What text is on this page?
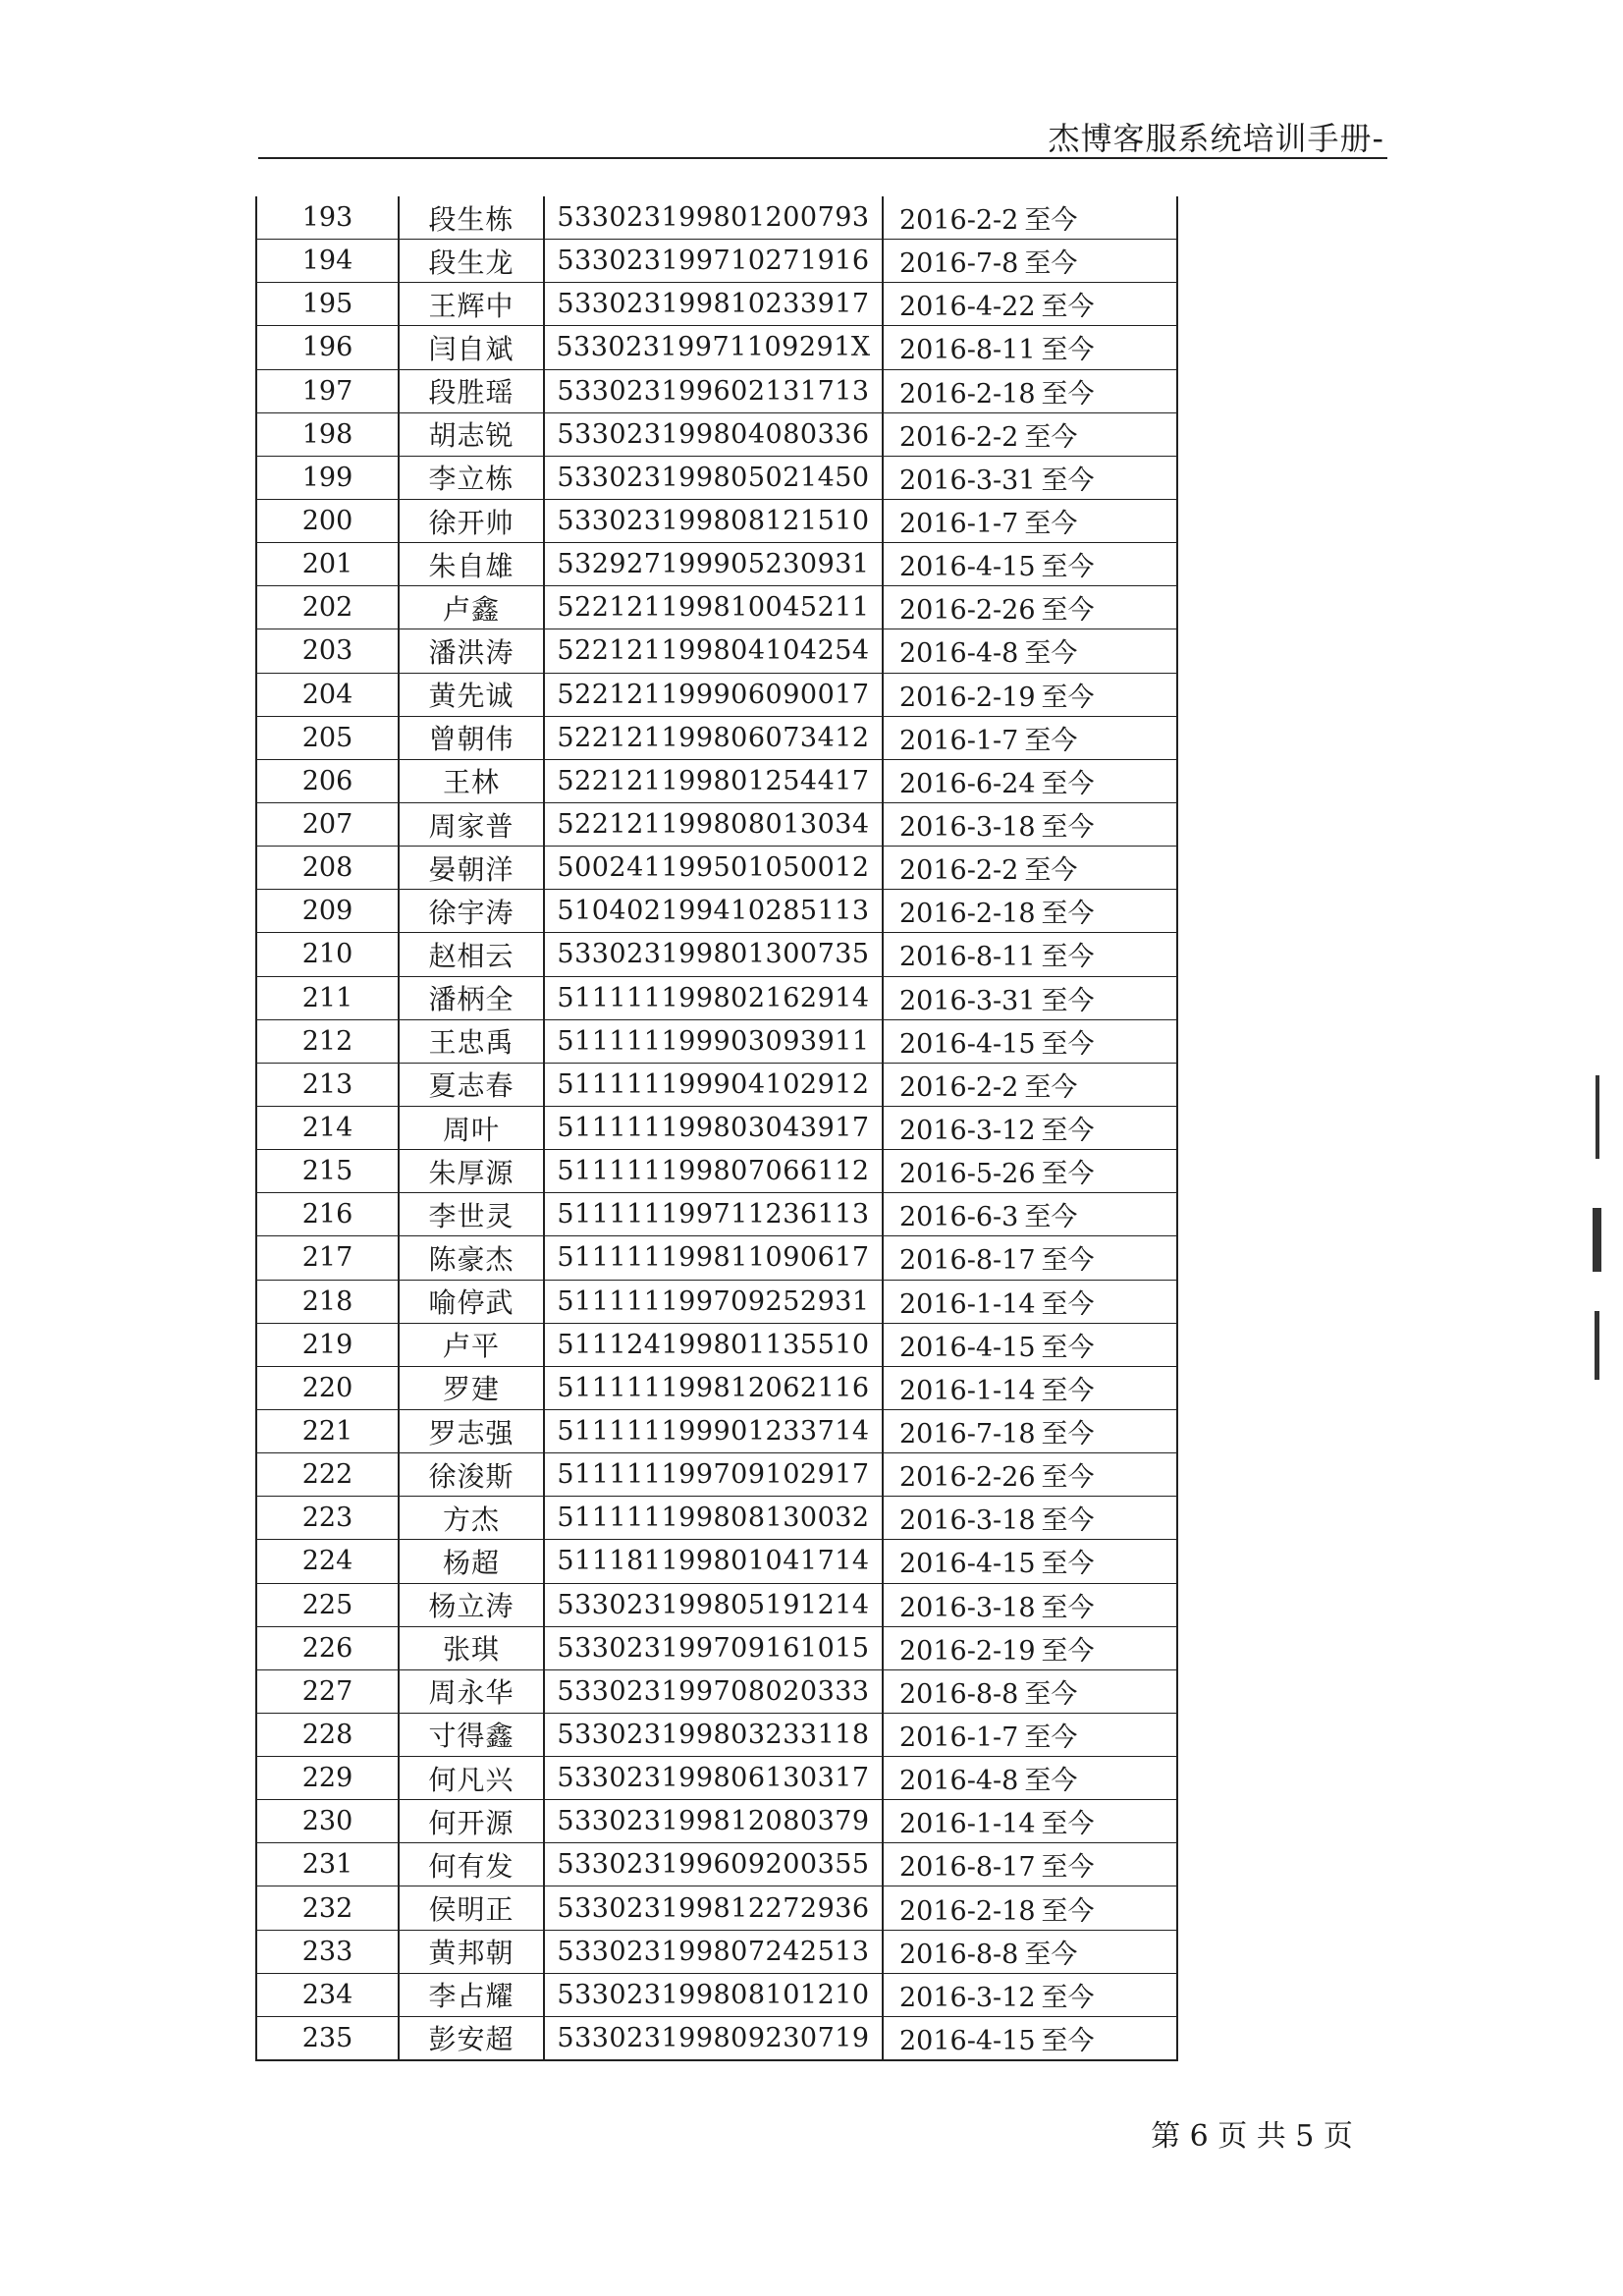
杰博客服系统培训手册-
193	段生栋	533023199801200793	2016-2-2 至今
194	段生龙	533023199710271916	2016-7-8 至今
195	王辉中	533023199810233917	2016-4-22 至今
196	闫自斌	53302319971109291X	2016-8-11 至今
197	段胜瑶	533023199602131713	2016-2-18 至今
198	胡志锐	533023199804080336	2016-2-2 至今
199	李立栋	533023199805021450	2016-3-31 至今
200	徐开帅	533023199808121510	2016-1-7 至今
201	朱自雄	532927199905230931	2016-4-15 至今
202	卢鑫	522121199810045211	2016-2-26 至今
203	潘洪涛	522121199804104254	2016-4-8 至今
204	黄先诚	522121199906090017	2016-2-19 至今
205	曾朝伟	522121199806073412	2016-1-7 至今
206	王林	522121199801254417	2016-6-24 至今
207	周家普	522121199808013034	2016-3-18 至今
208	晏朝洋	500241199501050012	2016-2-2 至今
209	徐宇涛	510402199410285113	2016-2-18 至今
210	赵相云	533023199801300735	2016-8-11 至今
211	潘柄全	511111199802162914	2016-3-31 至今
212	王忠禹	511111199903093911	2016-4-15 至今
213	夏志春	511111199904102912	2016-2-2 至今
214	周叶	511111199803043917	2016-3-12 至今
215	朱厚源	511111199807066112	2016-5-26 至今
216	李世灵	511111199711236113	2016-6-3 至今
217	陈豪杰	511111199811090617	2016-8-17 至今
218	喻停武	511111199709252931	2016-1-14 至今
219	卢平	511124199801135510	2016-4-15 至今
220	罗建	511111199812062116	2016-1-14 至今
221	罗志强	511111199901233714	2016-7-18 至今
222	徐浚斯	511111199709102917	2016-2-26 至今
223	方杰	511111199808130032	2016-3-18 至今
224	杨超	511181199801041714	2016-4-15 至今
225	杨立涛	533023199805191214	2016-3-18 至今
226	张琪	533023199709161015	2016-2-19 至今
227	周永华	533023199708020333	2016-8-8 至今
228	寸得鑫	533023199803233118	2016-1-7 至今
229	何凡兴	533023199806130317	2016-4-8 至今
230	何开源	533023199812080379	2016-1-14 至今
231	何有发	533023199609200355	2016-8-17 至今
232	侯明正	533023199812272936	2016-2-18 至今
233	黄邦朝	533023199807242513	2016-8-8 至今
234	李占耀	533023199808101210	2016-3-12 至今
235	彭安超	533023199809230719	2016-4-15 至今
第 6 页 共 5 页
